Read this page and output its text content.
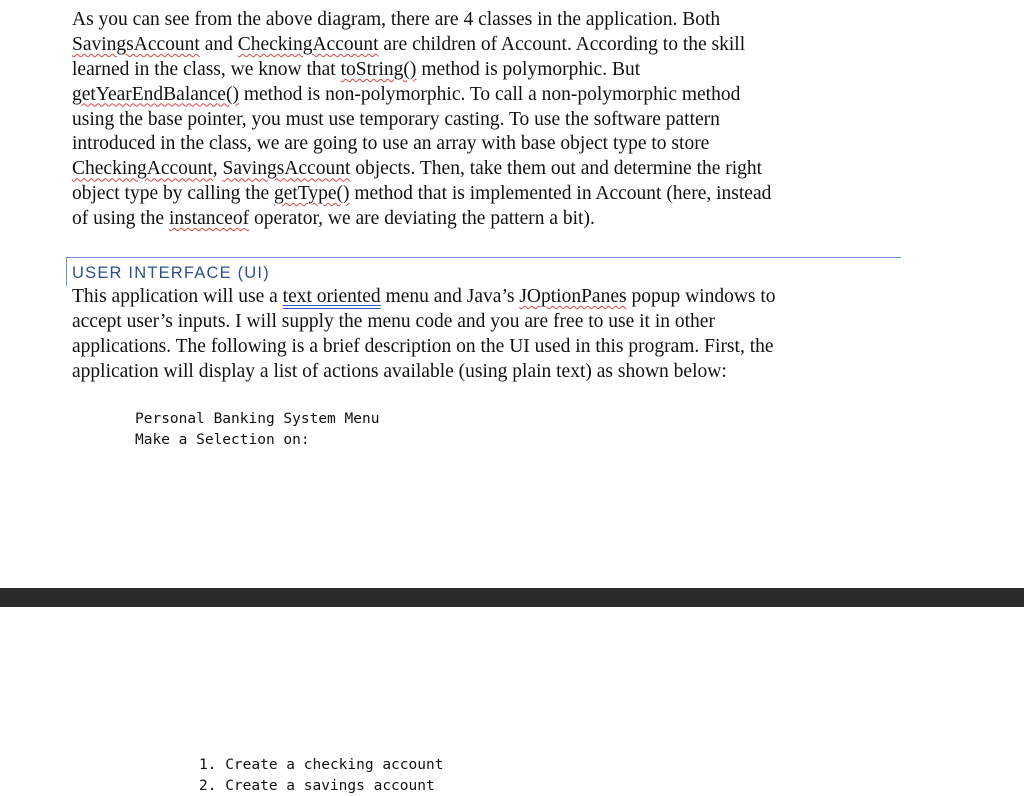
As you can see from the above diagram, there are 4 classes in the application. Both
SavingsAccount and CheckingAccount are children of Account. According to the skill
learned in the class, we know that toString() method is polymorphic. But
getYearEndBalance() method is non-polymorphic. To call a non-polymorphic method
using the base pointer, you must use temporary casting. To use the software pattern
introduced in the class, we are going to use an array with base object type to store
CheckingAccount, SavingsAccount objects. Then, take them out and determine the right
object type by calling the getType() method that is implemented in Account (here, instead
of using the instanceof operator, we are deviating the pattern a bit).

USER INTERFACE (UI)

This application will use a text oriented menu and Java’s JOptionPanes popup windows to
accept user’s inputs. I will supply the menu code and you are free to use it in other
applications. The following is a brief description on the UI used in this program. First, the
application will display a list of actions available (using plain text) as shown below:

Personal Banking System Menu
Make a Selection on:
1. Create a checking account
2. Create a savings account
